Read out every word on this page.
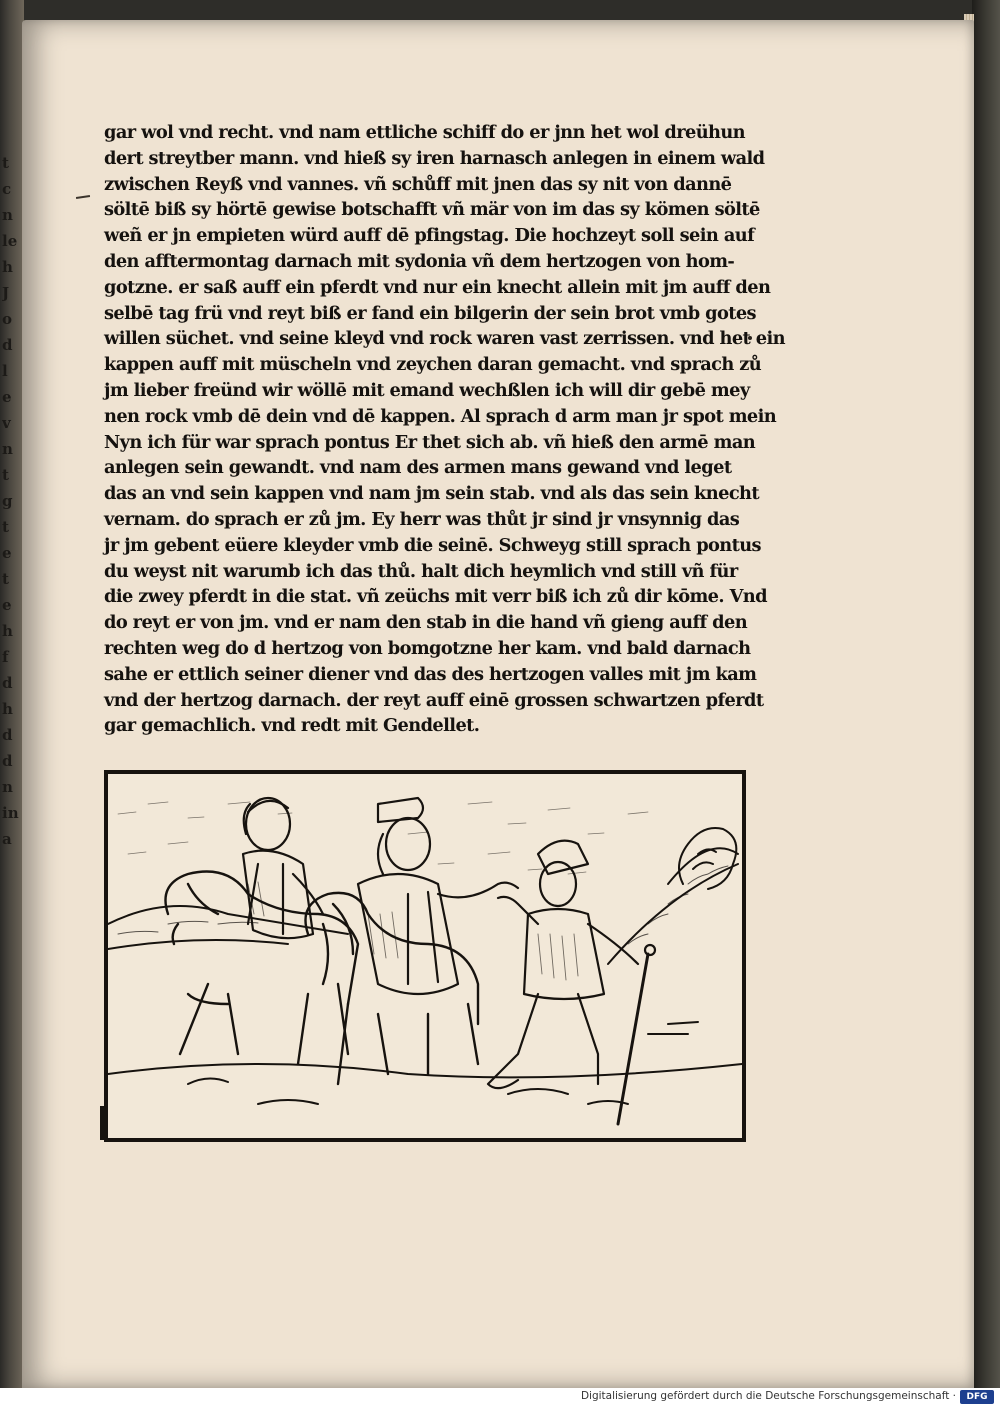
t
c
n
le
h
J
o
d
l
e
v
n
t
g
t
e
t
e
h
f
d
h
d
d
n
in
a
gar wol vnd recht. vnd nam ettliche schiff do er jnn het wol dreühun
dert streytber mann. vnd hieß sy iren harnasch anlegen in einem wald
zwischen Reyß vnd vannes. vñ schůff mit jnen das sy nit von dannē
söltē biß sy hörtē gewise botschafft vñ mär von im das sy kömen söltē
weñ er jn empieten würd auff dē pfingstag. Die hochzeyt soll sein auf
den afftermontag darnach mit sydonia vñ dem hertzogen von hom-
gotzne. er saß auff ein pferdt vnd nur ein knecht allein mit jm auff den
selbē tag frü vnd reyt biß er fand ein bilgerin der sein brot vmb gotes
willen süchet. vnd seine kleyd vnd rock waren vast zerrissen. vnd het ein
kappen auff mit müscheln vnd zeychen daran gemacht. vnd sprach zů
jm lieber freünd wir wöllē mit emand wechßlen ich will dir gebē mey
nen rock vmb dē dein vnd dē kappen. Al sprach d arm man jr spot mein
Nyn ich für war sprach pontus Er thet sich ab. vñ hieß den armē man
anlegen sein gewandt. vnd nam des armen mans gewand vnd leget
das an vnd sein kappen vnd nam jm sein stab. vnd als das sein knecht
vernam. do sprach er zů jm. Ey herr was thůt jr sind jr vnsynnig das
jr jm gebent eüere kleyder vmb die seinē. Schweyg still sprach pontus
du weyst nit warumb ich das thů. halt dich heymlich vnd still vñ für
die zwey pferdt in die stat. vñ zeüchs mit verr biß ich zů dir kōme. Vnd
do reyt er von jm. vnd er nam den stab in die hand vñ gieng auff den
rechten weg do d hertzog von bomgotzne her kam. vnd bald darnach
sahe er ettlich seiner diener vnd das des hertzogen valles mit jm kam
vnd der hertzog darnach. der reyt auff einē grossen schwartzen pferdt
gar gemachlich. vnd redt mit Gendellet.
Digitalisierung gefördert durch die Deutsche Forschungsgemeinschaft ·	DFG
